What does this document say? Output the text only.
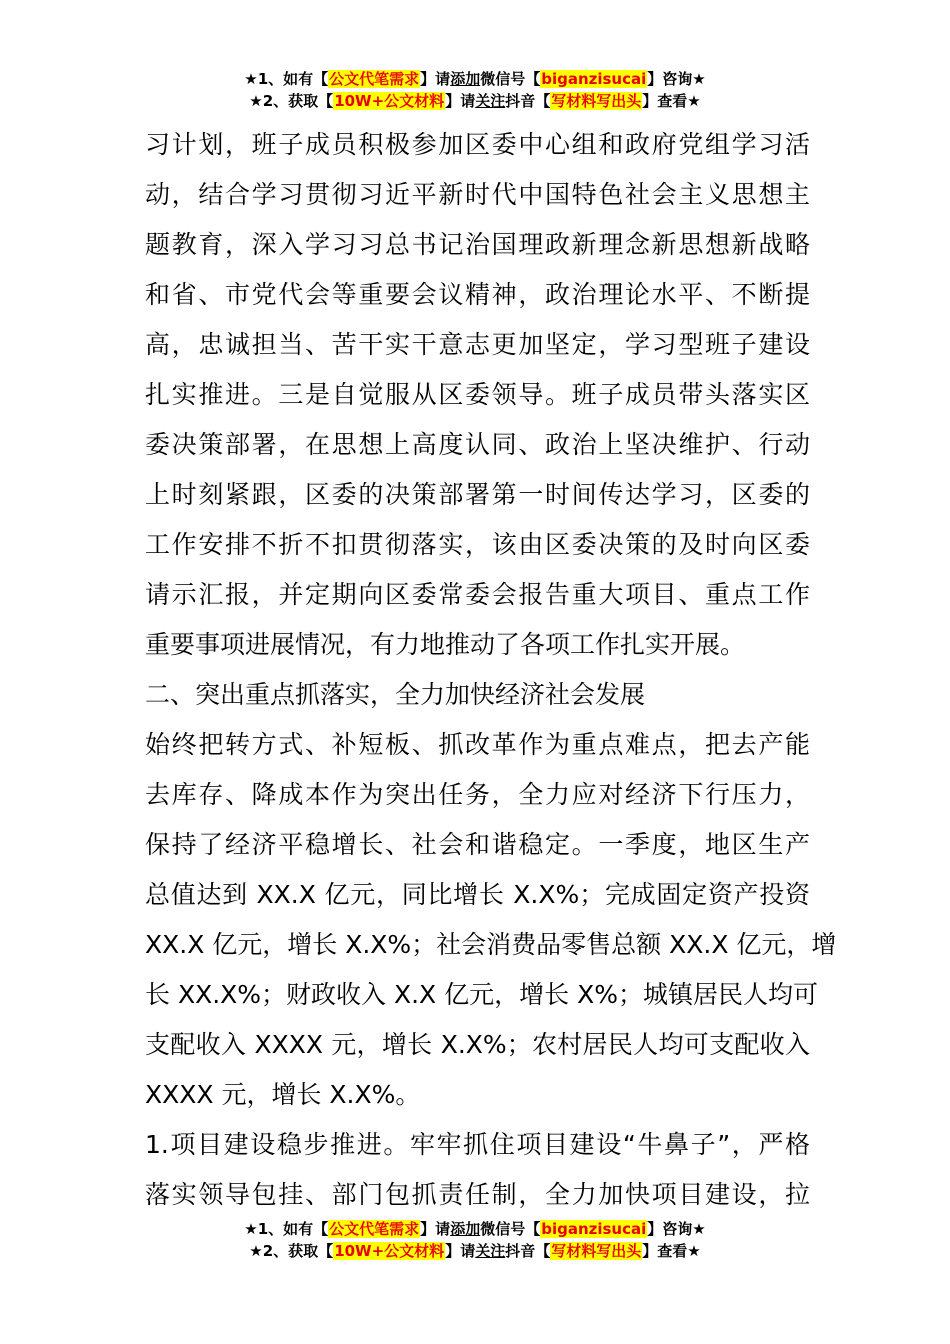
★1、如有【公文代笔需求】请添加微信号【biganzisucai】咨询★
★2、获取【10W+公文材料】请关注抖音【写材料写出头】查看★
习计划，班子成员积极参加区委中心组和政府党组学习活
动，结合学习贯彻习近平新时代中国特色社会主义思想主
题教育，深入学习习总书记治国理政新理念新思想新战略
和省、市党代会等重要会议精神，政治理论水平、不断提
高，忠诚担当、苦干实干意志更加坚定，学习型班子建设
扎实推进。三是自觉服从区委领导。班子成员带头落实区
委决策部署，在思想上高度认同、政治上坚决维护、行动
上时刻紧跟，区委的决策部署第一时间传达学习，区委的
工作安排不折不扣贯彻落实，该由区委决策的及时向区委
请示汇报，并定期向区委常委会报告重大项目、重点工作
重要事项进展情况，有力地推动了各项工作扎实开展。
二、突出重点抓落实，全力加快经济社会发展
始终把转方式、补短板、抓改革作为重点难点，把去产能
去库存、降成本作为突出任务，全力应对经济下行压力，
保持了经济平稳增长、社会和谐稳定。一季度，地区生产
总值达到 XX.X 亿元，同比增长 X.X%；完成固定资产投资
XX.X 亿元，增长 X.X%；社会消费品零售总额 XX.X 亿元，增
长 XX.X%；财政收入 X.X 亿元，增长 X%；城镇居民人均可
支配收入 XXXX 元，增长 X.X%；农村居民人均可支配收入
XXXX 元，增长 X.X%。
1.项目建设稳步推进。牢牢抓住项目建设“牛鼻子”，严格
落实领导包挂、部门包抓责任制，全力加快项目建设，拉
★1、如有【公文代笔需求】请添加微信号【biganzisucai】咨询★
★2、获取【10W+公文材料】请关注抖音【写材料写出头】查看★
